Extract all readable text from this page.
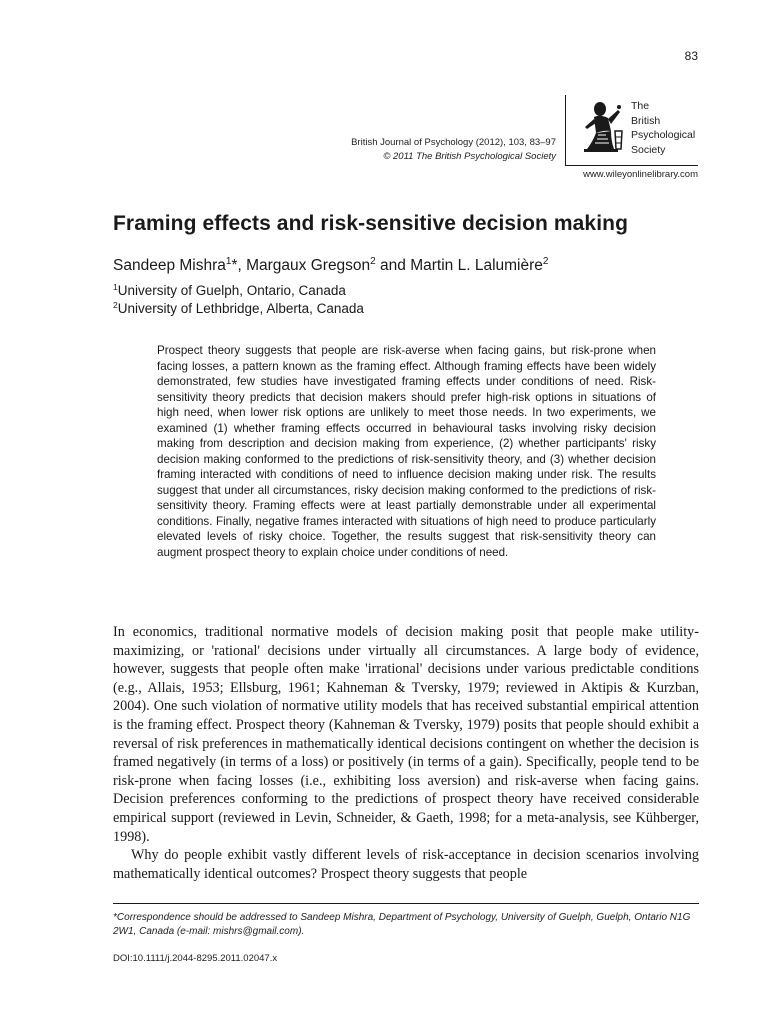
83
British Journal of Psychology (2012), 103, 83–97
© 2011 The British Psychological Society
The
British
Psychological
Society
www.wileyonlinelibrary.com
Framing effects and risk-sensitive decision making
Sandeep Mishra$^1$*, Margaux Gregson$^2$ and Martin L. Lalumière$^2$
$^1$University of Guelph, Ontario, Canada
$^2$University of Lethbridge, Alberta, Canada

Prospect theory suggests that people are risk-averse when facing gains, but risk-prone when facing losses, a pattern known as the framing effect. Although framing effects have been widely demonstrated, few studies have investigated framing effects under conditions of need. Risk-sensitivity theory predicts that decision makers should prefer high-risk options in situations of high need, when lower risk options are unlikely to meet those needs. In two experiments, we examined (1) whether framing effects occurred in behavioural tasks involving risky decision making from description and decision making from experience, (2) whether participants' risky decision making conformed to the predictions of risk-sensitivity theory, and (3) whether decision framing interacted with conditions of need to influence decision making under risk. The results suggest that under all circumstances, risky decision making conformed to the predictions of risk-sensitivity theory. Framing effects were at least partially demonstrable under all experimental conditions. Finally, negative frames interacted with situations of high need to produce particularly elevated levels of risky choice. Together, the results suggest that risk-sensitivity theory can augment prospect theory to explain choice under conditions of need.

In economics, traditional normative models of decision making posit that people make utility-maximizing, or 'rational' decisions under virtually all circumstances. A large body of evidence, however, suggests that people often make 'irrational' decisions under various predictable conditions (e.g., Allais, 1953; Ellsburg, 1961; Kahneman & Tversky, 1979; reviewed in Aktipis & Kurzban, 2004). One such violation of normative utility models that has received substantial empirical attention is the framing effect. Prospect theory (Kahneman & Tversky, 1979) posits that people should exhibit a reversal of risk preferences in mathematically identical decisions contingent on whether the decision is framed negatively (in terms of a loss) or positively (in terms of a gain). Specifically, people tend to be risk-prone when facing losses (i.e., exhibiting loss aversion) and risk-averse when facing gains. Decision preferences conforming to the predictions of prospect theory have received considerable empirical support (reviewed in Levin, Schneider, & Gaeth, 1998; for a meta-analysis, see Kühberger, 1998).

Why do people exhibit vastly different levels of risk-acceptance in decision scenarios involving mathematically identical outcomes? Prospect theory suggests that people

*Correspondence should be addressed to Sandeep Mishra, Department of Psychology, University of Guelph, Guelph, Ontario N1G 2W1, Canada (e-mail: mishrs@gmail.com).

DOI:10.1111/j.2044-8295.2011.02047.x
